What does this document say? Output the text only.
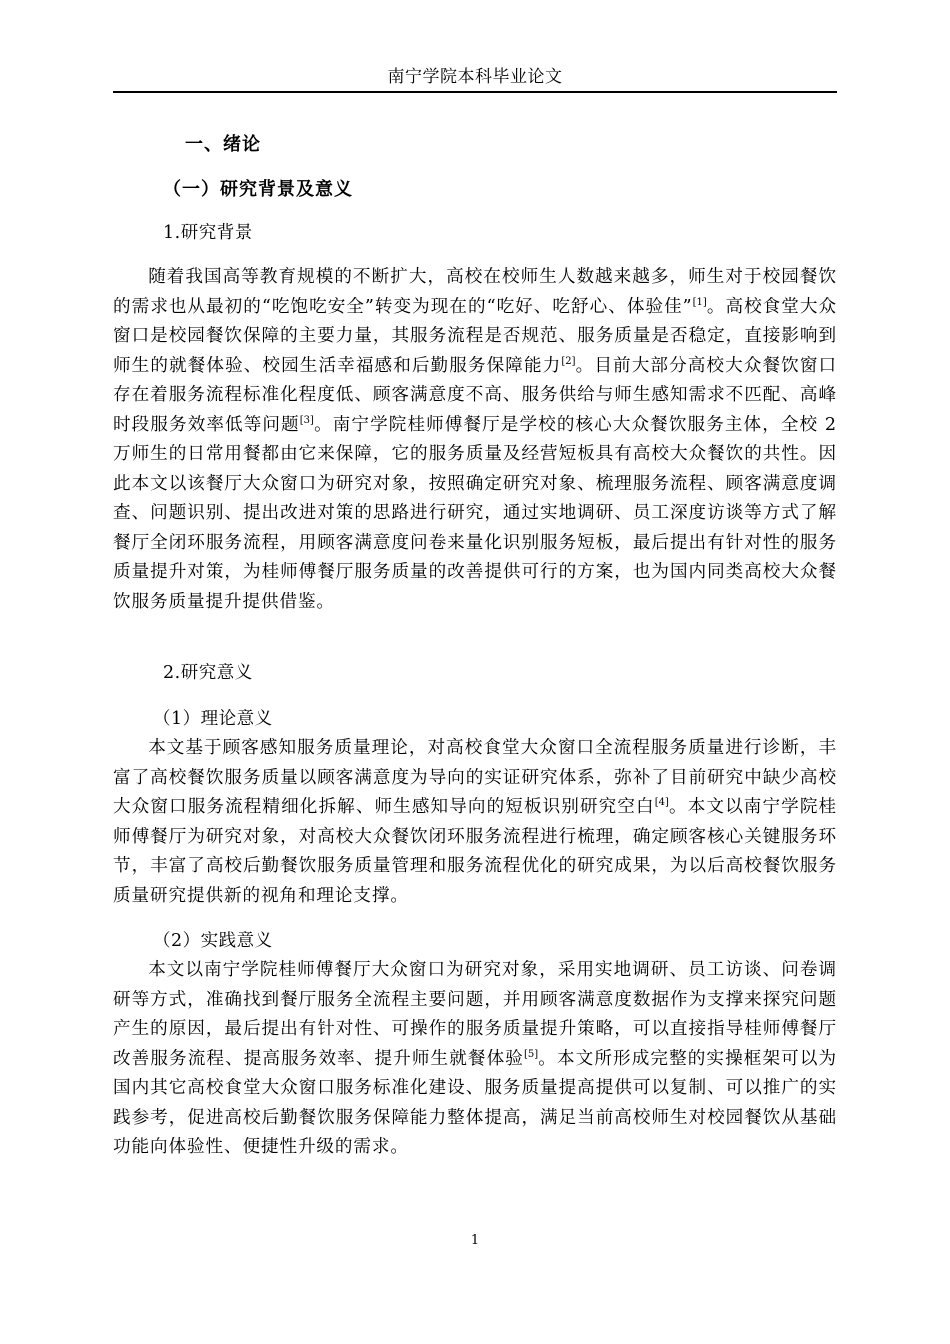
南宁学院本科毕业论文
一、绪论
（一）研究背景及意义
1.研究背景

随着我国高等教育规模的不断扩大，高校在校师生人数越来越多，师生对于校园餐饮的需求也从最初的“吃饱吃安全”转变为现在的“吃好、吃舒心、体验佳”[1]。高校食堂大众窗口是校园餐饮保障的主要力量，其服务流程是否规范、服务质量是否稳定，直接影响到师生的就餐体验、校园生活幸福感和后勤服务保障能力[2]。目前大部分高校大众餐饮窗口存在着服务流程标准化程度低、顾客满意度不高、服务供给与师生感知需求不匹配、高峰时段服务效率低等问题[3]。南宁学院桂师傅餐厅是学校的核心大众餐饮服务主体，全校 2 万师生的日常用餐都由它来保障，它的服务质量及经营短板具有高校大众餐饮的共性。因此本文以该餐厅大众窗口为研究对象，按照确定研究对象、梳理服务流程、顾客满意度调查、问题识别、提出改进对策的思路进行研究，通过实地调研、员工深度访谈等方式了解餐厅全闭环服务流程，用顾客满意度问卷来量化识别服务短板，最后提出有针对性的服务质量提升对策，为桂师傅餐厅服务质量的改善提供可行的方案，也为国内同类高校大众餐饮服务质量提升提供借鉴。

2.研究意义
（1）理论意义

本文基于顾客感知服务质量理论，对高校食堂大众窗口全流程服务质量进行诊断，丰富了高校餐饮服务质量以顾客满意度为导向的实证研究体系，弥补了目前研究中缺少高校大众窗口服务流程精细化拆解、师生感知导向的短板识别研究空白[4]。本文以南宁学院桂师傅餐厅为研究对象，对高校大众餐饮闭环服务流程进行梳理，确定顾客核心关键服务环节，丰富了高校后勤餐饮服务质量管理和服务流程优化的研究成果，为以后高校餐饮服务质量研究提供新的视角和理论支撑。

（2）实践意义

本文以南宁学院桂师傅餐厅大众窗口为研究对象，采用实地调研、员工访谈、问卷调研等方式，准确找到餐厅服务全流程主要问题，并用顾客满意度数据作为支撑来探究问题产生的原因，最后提出有针对性、可操作的服务质量提升策略，可以直接指导桂师傅餐厅改善服务流程、提高服务效率、提升师生就餐体验[5]。本文所形成完整的实操框架可以为国内其它高校食堂大众窗口服务标准化建设、服务质量提高提供可以复制、可以推广的实践参考，促进高校后勤餐饮服务保障能力整体提高，满足当前高校师生对校园餐饮从基础功能向体验性、便捷性升级的需求。

1
